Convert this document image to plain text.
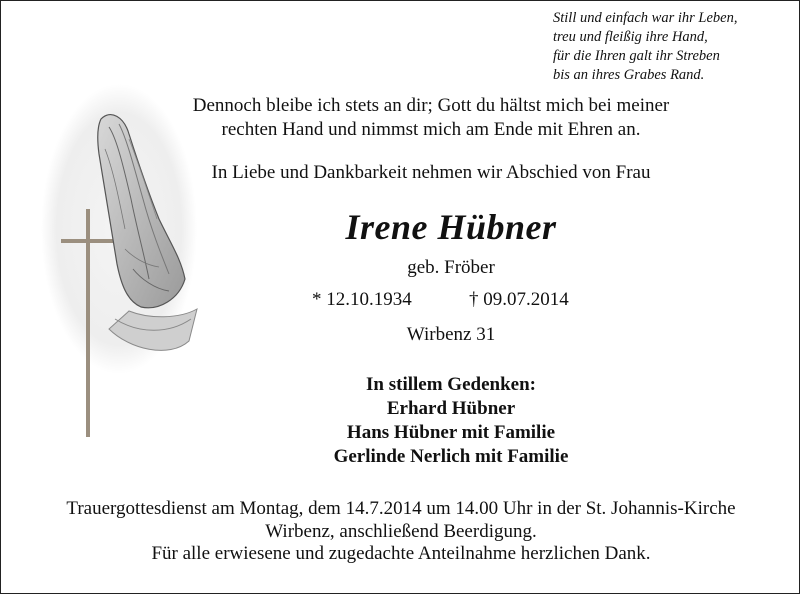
Still und einfach war ihr Leben,
treu und fleißig ihre Hand,
für die Ihren galt ihr Streben
bis an ihres Grabes Rand.
Dennoch bleibe ich stets an dir; Gott du hältst mich bei meiner
rechten Hand und nimmst mich am Ende mit Ehren an.
In Liebe und Dankbarkeit nehmen wir Abschied von Frau
Irene Hübner
geb. Fröber
* 12.10.1934	† 09.07.2014
Wirbenz 31
In stillem Gedenken:
Erhard Hübner
Hans Hübner mit Familie
Gerlinde Nerlich mit Familie
Trauergottesdienst am Montag, dem 14.7.2014 um 14.00 Uhr in der St. Johannis-Kirche
Wirbenz, anschließend Beerdigung.
Für alle erwiesene und zugedachte Anteilnahme herzlichen Dank.
